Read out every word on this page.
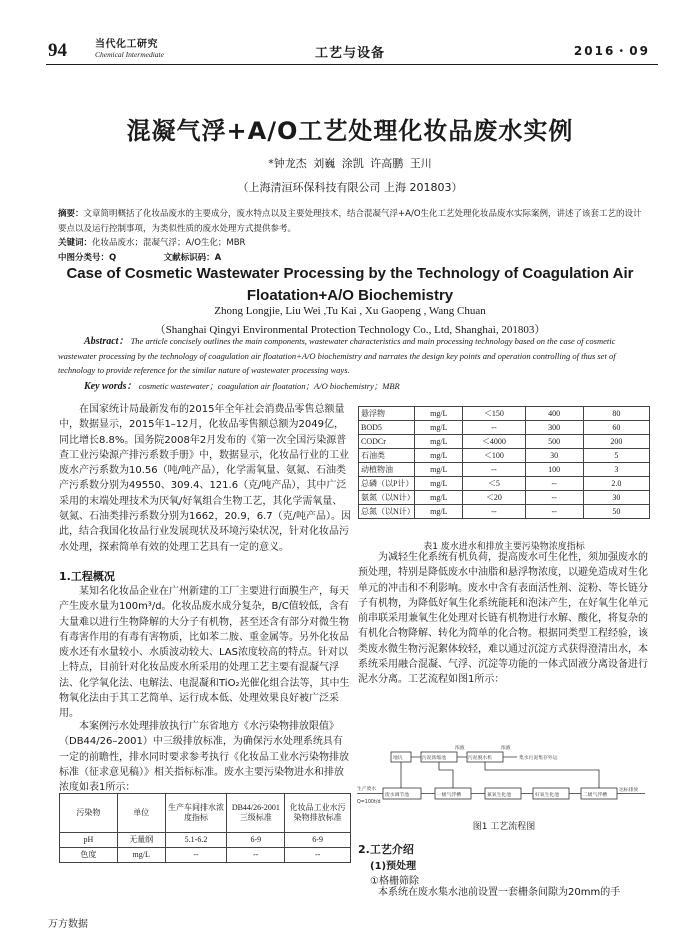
94	当代化工研究
Chemical Intermediate	工艺与设备	2016・09
混凝气浮+A/O工艺处理化妆品废水实例
*钟龙杰 刘巍 涂凯 许高鹏 王川
（上海清洹环保科技有限公司 上海 201803）
摘要：文章简明概括了化妆品废水的主要成分，废水特点以及主要处理技术，结合混凝气浮+A/O生化工艺处理化妆品废水实际案例，讲述了该套工艺的设计要点以及运行控制事项，为类似性质的废水处理方式提供参考。
关键词：化妆品废水；混凝气浮；A/O生化；MBR
中图分类号：Q	文献标识码：A
Case of Cosmetic Wastewater Processing by the Technology of Coagulation Air
Floatation+A/O Biochemistry
Zhong Longjie, Liu Wei ,Tu Kai , Xu Gaopeng , Wang Chuan
（Shanghai Qingyi Environmental Protection Technology Co., Ltd, Shanghai, 201803）
Abstract： The article concisely outlines the main components, wastewater characteristics and main processing technology based on the case of cosmetic wastewater processing by the technology of coagulation air floatation+A/O biochemistry and narrates the design key points and operation controlling of thus set of technology to provide reference for the similar nature of wastewater processing ways.
Key words： cosmetic wastewater；coagulation air floatation；A/O biochemistry；MBR
在国家统计局最新发布的2015年全年社会消费品零售总额量中，数据显示，2015年1–12月，化妆品零售额总额为2049亿，同比增长8.8%。国务院2008年2月发布的《第一次全国污染源普查工业污染源产排污系数手册》中，数据显示，化妆品行业的工业废水产污系数为10.56（吨/吨产品），化学需氧量、氨氮、石油类产污系数分别为49550、309.4、121.6（克/吨产品），其中广泛采用的末端处理技术为厌氧/好氧组合生物工艺，其化学需氧量、氨氮、石油类排污系数分别为1662，20.9，6.7（克/吨产品）。因此，结合我国化妆品行业发展现状及环境污染状况，针对化妆品污水处理，探索简单有效的处理工艺具有一定的意义。
1.工程概况
某知名化妆品企业在广州新建的工厂主要进行面膜生产，每天产生废水量为100m³/d。化妆品废水成分复杂，B/C值较低，含有大量难以进行生物降解的大分子有机物，甚至还含有部分对微生物有毒害作用的有毒有害物质，比如苯二胺、重金属等。另外化妆品废水还有水量较小、水质波动较大、LAS浓度较高的特点。针对以上特点，目前针对化妆品废水所采用的处理工艺主要有混凝气浮法、化学氧化法、电解法、电混凝和TiO₂光催化组合法等，其中生物氧化法由于其工艺简单、运行成本低、处理效果良好被广泛采用。
本案例污水处理排放执行广东省地方《水污染物排放限值》（DB44/26–2001）中三级排放标准，为确保污水处理系统具有一定的前瞻性，排水同时要求参考执行《化妆品工业水污染物排放标准（征求意见稿）》相关指标标准。废水主要污染物进水和排放浓度如表1所示：
污染物	单位	生产车间排水浓度指标	DB44/26-2001三级标准	化妆品工业水污染物排放标准
pH	无量纲	5.1-6.2	6-9	6-9
色度	mg/L	--	--	--
悬浮物	mg/L	＜150	400	80
BOD5	mg/L	--	300	60
CODCr	mg/L	＜4000	500	200
石油类	mg/L	＜100	30	5
动植物油	mg/L	--	100	3
总磷（以P计）	mg/L	＜5	--	2.0
氨氮（以N计）	mg/L	＜20	--	30
总氮（以N计）	mg/L	--	--	50
表1 废水进水和排放主要污染物浓度指标
为减轻生化系统有机负荷，提高废水可生化性，须加强废水的预处理，特别是降低废水中油脂和悬浮物浓度，以避免造成对生化单元的冲击和不利影响。废水中含有表面活性剂、淀粉、等长链分子有机物，为降低好氧生化系统能耗和泡沫产生，在好氧生化单元前串联采用兼氧生化处理对长链有机物进行水解、酸化，将复杂的有机化合物降解、转化为简单的化合物。根据同类型工程经验，该类废水微生物污泥絮体较轻，难以通过沉淀方式获得澄清出水，本系统采用融合混凝、气浮、沉淀等功能的一体式固液分离设备进行泥水分离。工艺流程如图1所示：
地坑	污泥浓缩池	污泥脱水机
废水调节池	一级气浮槽	兼氧生化池	好氧生化池	二级气浮槽
浓液	浓液
集水污泥集存外运
生产废水
Q=100t/d
达标排放
图1 工艺流程图
2.工艺介绍
(1)预处理
①格栅筛除
本系统在废水集水池前设置一套栅条间隙为20mm的手
万方数据
